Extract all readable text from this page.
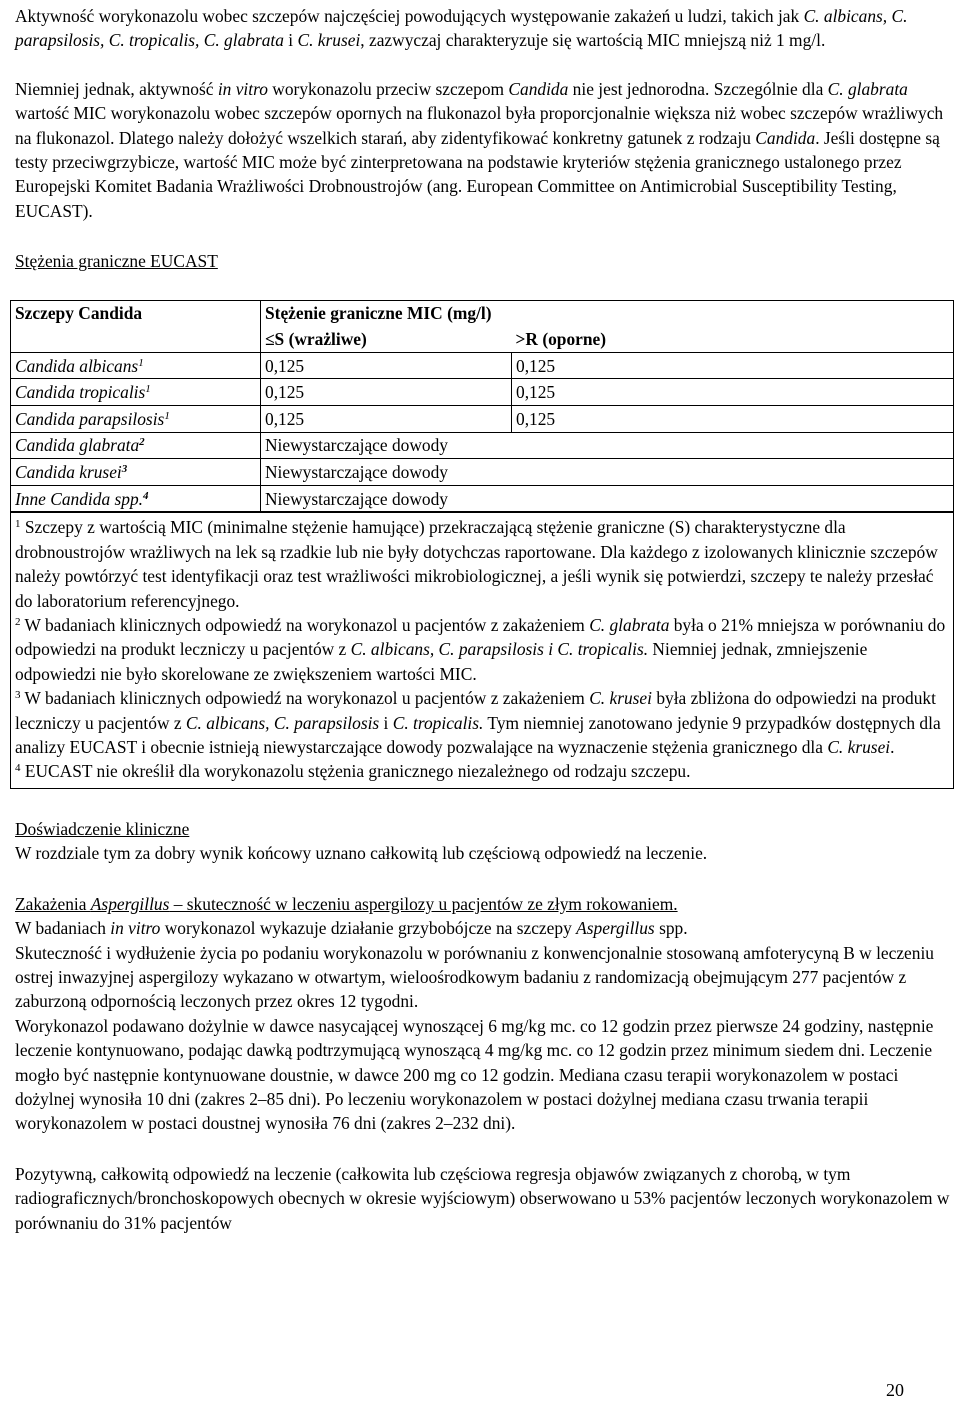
Aktywność worykonazolu wobec szczepów najczęściej powodujących występowanie zakażeń u ludzi, takich jak C. albicans, C. parapsilosis, C. tropicalis, C. glabrata i C. krusei, zazwyczaj charakteryzuje się wartością MIC mniejszą niż 1 mg/l.

Niemniej jednak, aktywność in vitro worykonazolu przeciw szczepom Candida nie jest jednorodna. Szczególnie dla C. glabrata wartość MIC worykonazolu wobec szczepów opornych na flukonazol była proporcjonalnie większa niż wobec szczepów wrażliwych na flukonazol. Dlatego należy dołożyć wszelkich starań, aby zidentyfikować konkretny gatunek z rodzaju Candida. Jeśli dostępne są testy przeciwgrzybicze, wartość MIC może być zinterpretowana na podstawie kryteriów stężenia granicznego ustalonego przez Europejski Komitet Badania Wrażliwości Drobnoustrojów (ang. European Committee on Antimicrobial Susceptibility Testing, EUCAST).

Stężenia graniczne EUCAST

Szczepy Candida	Stężenie graniczne MIC (mg/l)	
	≤S (wrażliwe)	>R (oporne)
Candida albicans$^1$	0,125	0,125
Candida tropicalis$^1$	0,125	0,125
Candida parapsilosis$^1$	0,125	0,125
Candida glabrata$^2$	Niewystarczające dowody	
Candida krusei$^3$	Niewystarczające dowody	
Inne Candida spp.$^4$	Niewystarczające dowody	

$^1$ Szczepy z wartością MIC (minimalne stężenie hamujące) przekraczającą stężenie graniczne (S) charakterystyczne dla drobnoustrojów wrażliwych na lek są rzadkie lub nie były dotychczas raportowane. Dla każdego z izolowanych klinicznie szczepów należy powtórzyć test identyfikacji oraz test wrażliwości mikrobiologicznej, a jeśli wynik się potwierdzi, szczepy te należy przesłać do laboratorium referencyjnego.

$^2$ W badaniach klinicznych odpowiedź na worykonazol u pacjentów z zakażeniem C. glabrata była o 21% mniejsza w porównaniu do odpowiedzi na produkt leczniczy u pacjentów z C. albicans, C. parapsilosis i C. tropicalis. Niemniej jednak, zmniejszenie odpowiedzi nie było skorelowane ze zwiększeniem wartości MIC.

$^3$ W badaniach klinicznych odpowiedź na worykonazol u pacjentów z zakażeniem C. krusei była zbliżona do odpowiedzi na produkt leczniczy u pacjentów z C. albicans, C. parapsilosis i C. tropicalis. Tym niemniej zanotowano jedynie 9 przypadków dostępnych dla analizy EUCAST i obecnie istnieją niewystarczające dowody pozwalające na wyznaczenie stężenia granicznego dla C. krusei.

$^4$ EUCAST nie określił dla worykonazolu stężenia granicznego niezależnego od rodzaju szczepu.

Doświadczenie kliniczne

W rozdziale tym za dobry wynik końcowy uznano całkowitą lub częściową odpowiedź na leczenie.

Zakażenia Aspergillus – skuteczność w leczeniu aspergilozy u pacjentów ze złym rokowaniem.

W badaniach in vitro worykonazol wykazuje działanie grzybobójcze na szczepy Aspergillus spp.

Skuteczność i wydłużenie życia po podaniu worykonazolu w porównaniu z konwencjonalnie stosowaną amfoterycyną B w leczeniu ostrej inwazyjnej aspergilozy wykazano w otwartym, wieloośrodkowym badaniu z randomizacją obejmującym 277 pacjentów z zaburzoną odpornością leczonych przez okres 12 tygodni.

Worykonazol podawano dożylnie w dawce nasycającej wynoszącej 6 mg/kg mc. co 12 godzin przez pierwsze 24 godziny, następnie leczenie kontynuowano, podając dawką podtrzymującą wynoszącą 4 mg/kg mc. co 12 godzin przez minimum siedem dni. Leczenie mogło być następnie kontynuowane doustnie, w dawce 200 mg co 12 godzin. Mediana czasu terapii worykonazolem w postaci dożylnej wynosiła 10 dni (zakres 2–85 dni). Po leczeniu worykonazolem w postaci dożylnej mediana czasu trwania terapii worykonazolem w postaci doustnej wynosiła 76 dni (zakres 2–232 dni).

Pozytywną, całkowitą odpowiedź na leczenie (całkowita lub częściowa regresja objawów związanych z chorobą, w tym radiograficznych/bronchoskopowych obecnych w okresie wyjściowym) obserwowano u 53% pacjentów leczonych worykonazolem w porównaniu do 31% pacjentów

20
